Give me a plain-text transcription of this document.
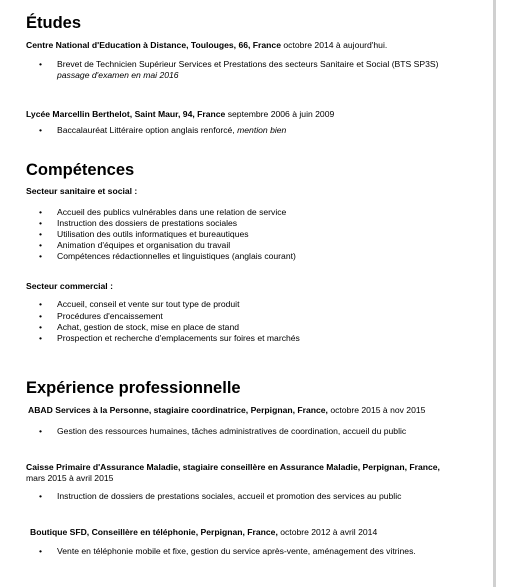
Études
Centre National d'Education à Distance, Toulouges, 66, France octobre 2014 à aujourd'hui.
• Brevet de Technicien Supérieur Services et Prestations des secteurs Sanitaire et Social (BTS SP3S)
passage d'examen en mai 2016
Lycée Marcellin Berthelot, Saint Maur, 94, France septembre 2006 à juin 2009
• Baccalauréat Littéraire option anglais renforcé, mention bien
Compétences
Secteur sanitaire et social :
• Accueil des publics vulnérables dans une relation de service
• Instruction des dossiers de prestations sociales
• Utilisation des outils informatiques et bureautiques
• Animation d'équipes et organisation du travail
• Compétences rédactionnelles et linguistiques (anglais courant)
Secteur commercial :
• Accueil, conseil et vente sur tout type de produit
• Procédures d'encaissement
• Achat, gestion de stock, mise en place de stand
• Prospection et recherche d'emplacements sur foires et marchés
Expérience professionnelle
ABAD Services à la Personne, stagiaire coordinatrice, Perpignan, France, octobre 2015 à nov 2015
• Gestion des ressources humaines, tâches administratives de coordination, accueil du public
Caisse Primaire d'Assurance Maladie, stagiaire conseillère en Assurance Maladie, Perpignan, France,
mars 2015 à avril 2015
• Instruction de dossiers de prestations sociales, accueil et promotion des services au public
Boutique SFD, Conseillère en téléphonie, Perpignan, France, octobre 2012 à avril 2014
• Vente en téléphonie mobile et fixe, gestion du service après-vente, aménagement des vitrines.
